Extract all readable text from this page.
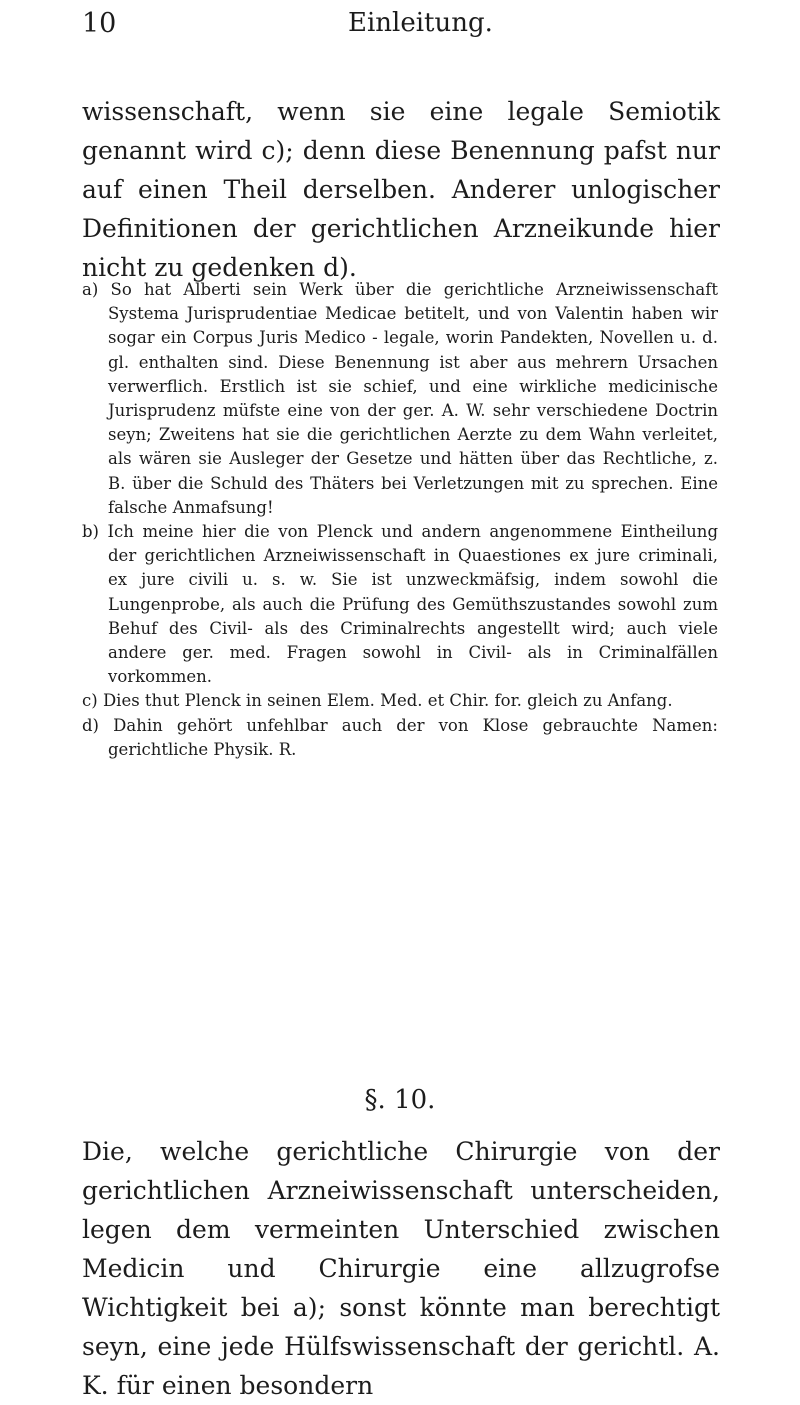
10	Einleitung.

wissenschaft, wenn sie eine legale Semiotik genannt wird c); denn diese Benennung pafst nur auf einen Theil derselben. Anderer unlogischer Definitionen der gerichtlichen Arzneikunde hier nicht zu gedenken d).

a) So hat Alberti sein Werk über die gerichtliche Arzneiwissenschaft Systema Jurisprudentiae Medicae betitelt, und von Valentin haben wir sogar ein Corpus Juris Medico - legale, worin Pandekten, Novellen u. d. gl. enthalten sind. Diese Benennung ist aber aus mehrern Ursachen verwerflich. Erstlich ist sie schief, und eine wirkliche medicinische Jurisprudenz müfste eine von der ger. A. W. sehr verschiedene Doctrin seyn; Zweitens hat sie die gerichtlichen Aerzte zu dem Wahn verleitet, als wären sie Ausleger der Gesetze und hätten über das Rechtliche, z. B. über die Schuld des Thäters bei Verletzungen mit zu sprechen. Eine falsche Anmafsung!

b) Ich meine hier die von Plenck und andern angenommene Eintheilung der gerichtlichen Arzneiwissenschaft in Quaestiones ex jure criminali, ex jure civili u. s. w. Sie ist unzweckmäfsig, indem sowohl die Lungenprobe, als auch die Prüfung des Gemüthszustandes sowohl zum Behuf des Civil- als des Criminalrechts angestellt wird; auch viele andere ger. med. Fragen sowohl in Civil- als in Criminalfällen vorkommen.

c) Dies thut Plenck in seinen Elem. Med. et Chir. for. gleich zu Anfang.

d) Dahin gehört unfehlbar auch der von Klose gebrauchte Namen: gerichtliche Physik. R.

§. 10.

Die, welche gerichtliche Chirurgie von der gerichtlichen Arzneiwissenschaft unterscheiden, legen dem vermeinten Unterschied zwischen Medicin und Chirurgie eine allzugrofse Wichtigkeit bei a); sonst könnte man berechtigt seyn, eine jede Hülfswissenschaft der gerichtl. A. K. für einen besondern
